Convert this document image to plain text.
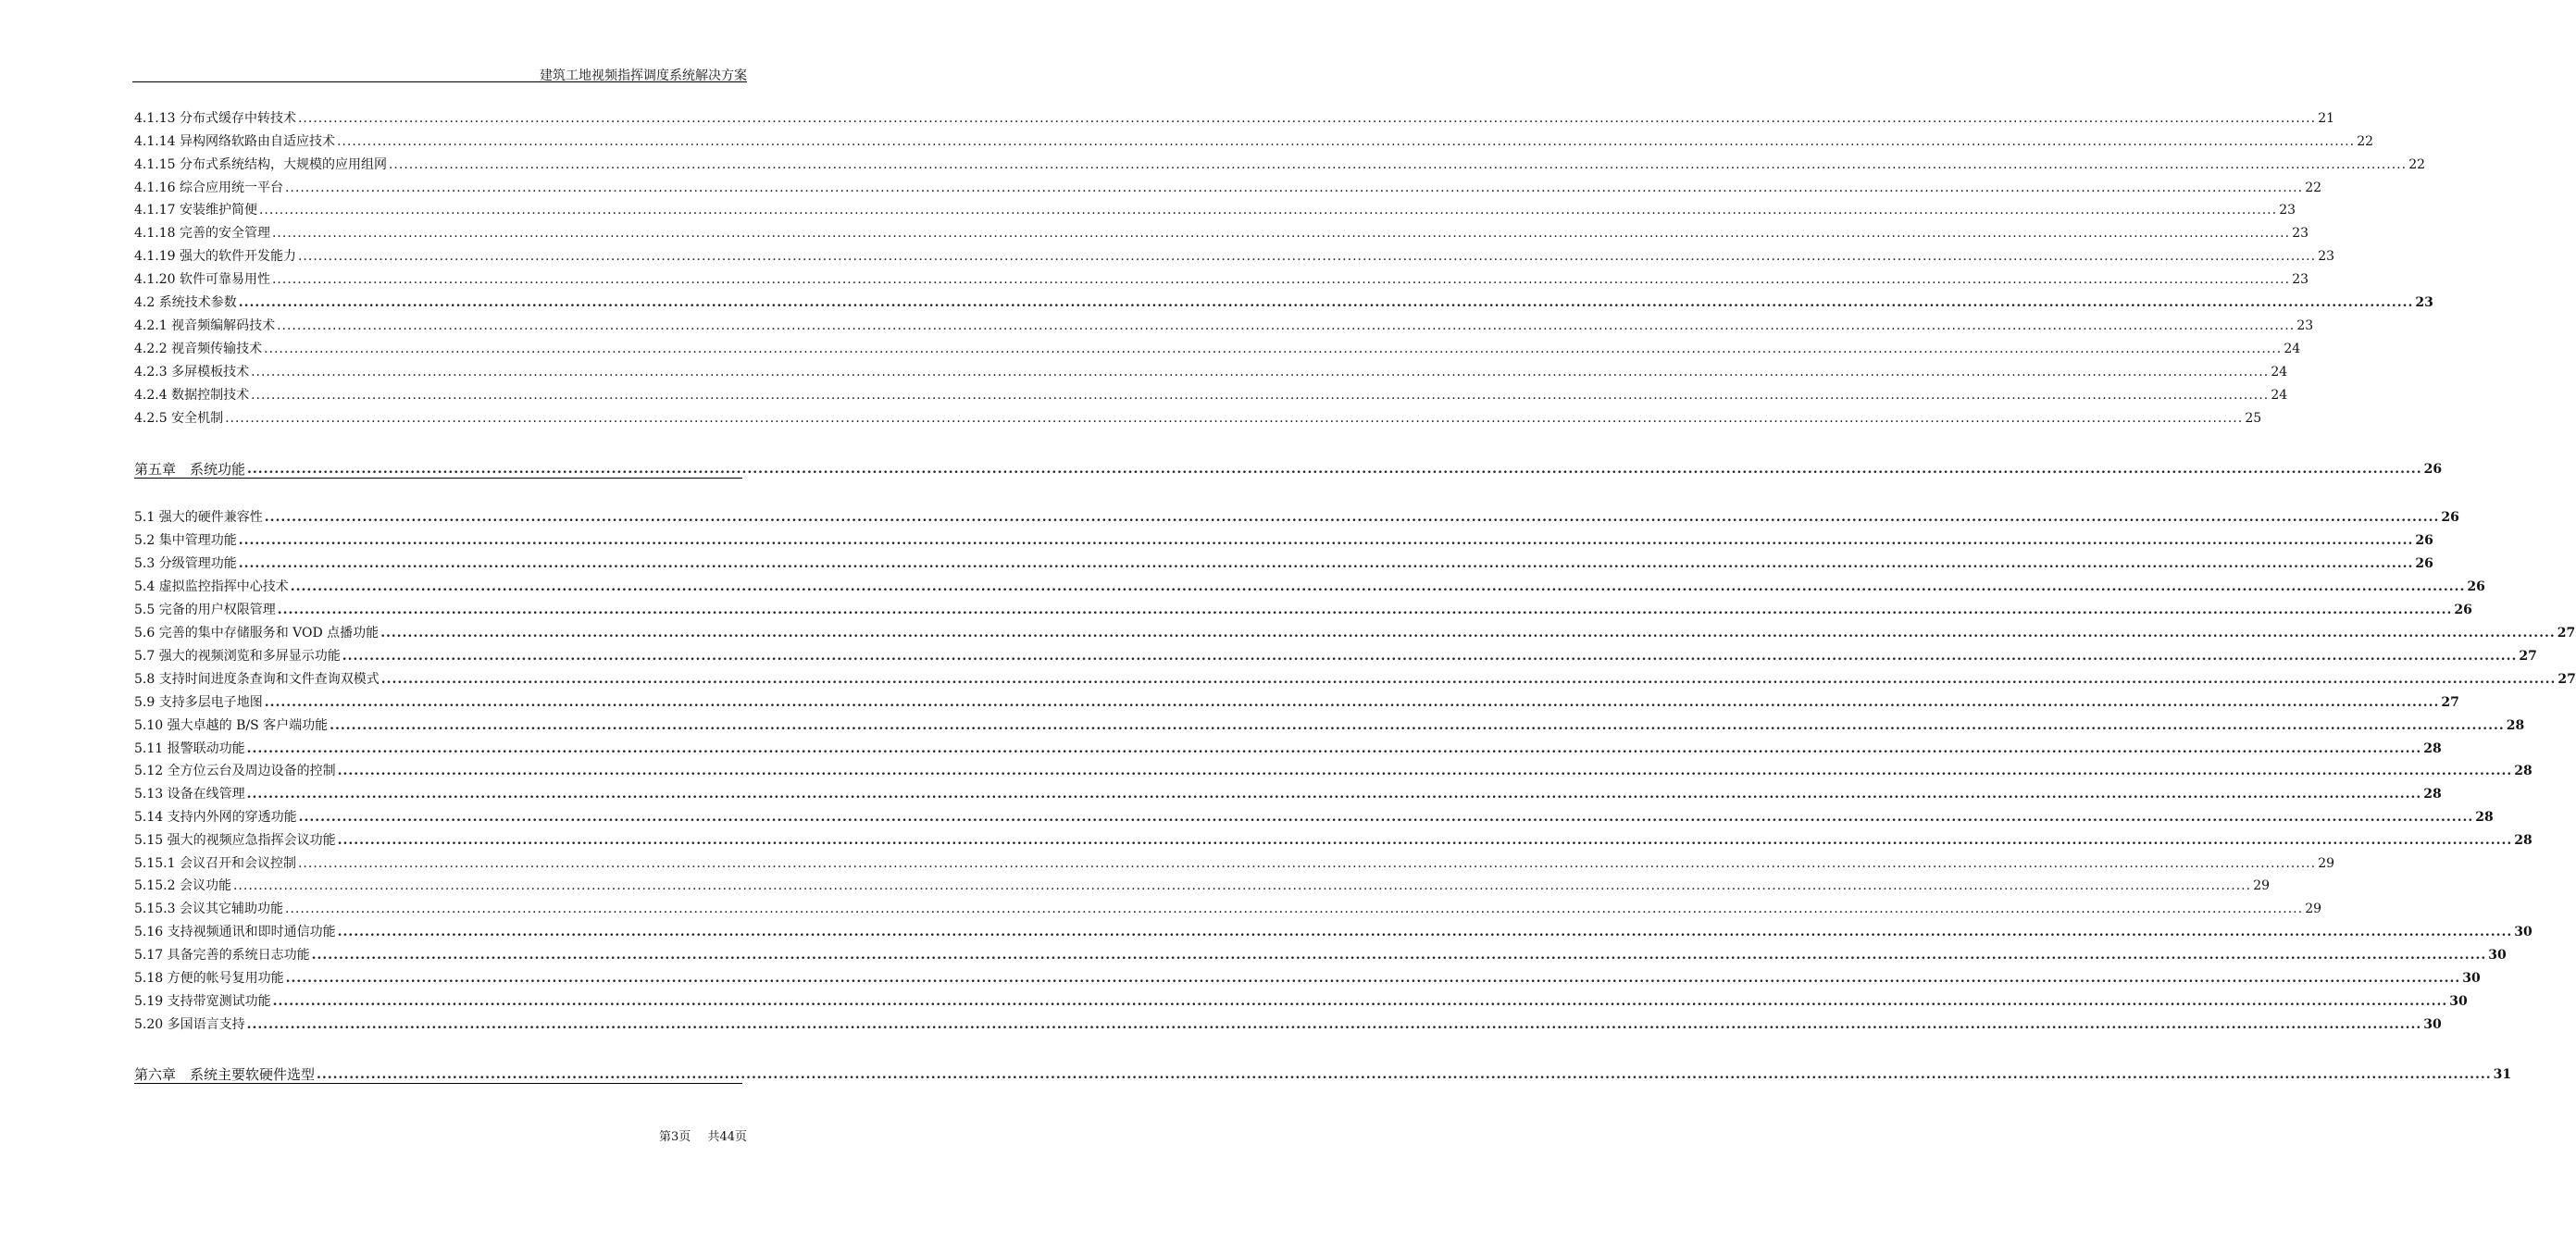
建筑工地视频指挥调度系统解决方案
4.1.13 分布式缓存中转技术 ................................................................................................................................................................................................................................................................................................................................................................................................................ 21
4.1.14 异构网络软路由自适应技术 ................................................................................................................................................................................................................................................................................................................................................................................................................ 22
4.1.15 分布式系统结构，大规模的应用组网 ................................................................................................................................................................................................................................................................................................................................................................................................................ 22
4.1.16 综合应用统一平台 ................................................................................................................................................................................................................................................................................................................................................................................................................ 22
4.1.17 安装维护简便 ................................................................................................................................................................................................................................................................................................................................................................................................................ 23
4.1.18 完善的安全管理 ................................................................................................................................................................................................................................................................................................................................................................................................................ 23
4.1.19 强大的软件开发能力 ................................................................................................................................................................................................................................................................................................................................................................................................................ 23
4.1.20 软件可靠易用性 ................................................................................................................................................................................................................................................................................................................................................................................................................ 23
4.2 系统技术参数 ................................................................................................................................................................................................................................................................................................................................................................................................................ 23
4.2.1 视音频编解码技术 ................................................................................................................................................................................................................................................................................................................................................................................................................ 23
4.2.2 视音频传输技术 ................................................................................................................................................................................................................................................................................................................................................................................................................ 24
4.2.3 多屏模板技术 ................................................................................................................................................................................................................................................................................................................................................................................................................ 24
4.2.4 数据控制技术 ................................................................................................................................................................................................................................................................................................................................................................................................................ 24
4.2.5 安全机制 ................................................................................................................................................................................................................................................................................................................................................................................................................ 25
第五章　系统功能 ................................................................................................................................................................................................................................................................................................................................................................................................................ 26
5.1 强大的硬件兼容性 ................................................................................................................................................................................................................................................................................................................................................................................................................ 26
5.2 集中管理功能 ................................................................................................................................................................................................................................................................................................................................................................................................................ 26
5.3 分级管理功能 ................................................................................................................................................................................................................................................................................................................................................................................................................ 26
5.4 虚拟监控指挥中心技术 ................................................................................................................................................................................................................................................................................................................................................................................................................ 26
5.5 完备的用户权限管理 ................................................................................................................................................................................................................................................................................................................................................................................................................ 26
5.6 完善的集中存储服务和 VOD 点播功能 ................................................................................................................................................................................................................................................................................................................................................................................................................ 27
5.7 强大的视频浏览和多屏显示功能 ................................................................................................................................................................................................................................................................................................................................................................................................................ 27
5.8 支持时间进度条查询和文件查询双模式 ................................................................................................................................................................................................................................................................................................................................................................................................................ 27
5.9 支持多层电子地图 ................................................................................................................................................................................................................................................................................................................................................................................................................ 27
5.10 强大卓越的 B/S 客户端功能 ................................................................................................................................................................................................................................................................................................................................................................................................................ 28
5.11 报警联动功能 ................................................................................................................................................................................................................................................................................................................................................................................................................ 28
5.12 全方位云台及周边设备的控制 ................................................................................................................................................................................................................................................................................................................................................................................................................ 28
5.13 设备在线管理 ................................................................................................................................................................................................................................................................................................................................................................................................................ 28
5.14 支持内外网的穿透功能 ................................................................................................................................................................................................................................................................................................................................................................................................................ 28
5.15 强大的视频应急指挥会议功能 ................................................................................................................................................................................................................................................................................................................................................................................................................ 28
5.15.1 会议召开和会议控制 ................................................................................................................................................................................................................................................................................................................................................................................................................ 29
5.15.2 会议功能 ................................................................................................................................................................................................................................................................................................................................................................................................................ 29
5.15.3 会议其它辅助功能 ................................................................................................................................................................................................................................................................................................................................................................................................................ 29
5.16 支持视频通讯和即时通信功能 ................................................................................................................................................................................................................................................................................................................................................................................................................ 30
5.17 具备完善的系统日志功能 ................................................................................................................................................................................................................................................................................................................................................................................................................ 30
5.18 方便的帐号复用功能 ................................................................................................................................................................................................................................................................................................................................................................................................................ 30
5.19 支持带宽测试功能 ................................................................................................................................................................................................................................................................................................................................................................................................................ 30
5.20 多国语言支持 ................................................................................................................................................................................................................................................................................................................................................................................................................ 30
第六章　系统主要软硬件选型 ................................................................................................................................................................................................................................................................................................................................................................................................................ 31
第3页 共44页
